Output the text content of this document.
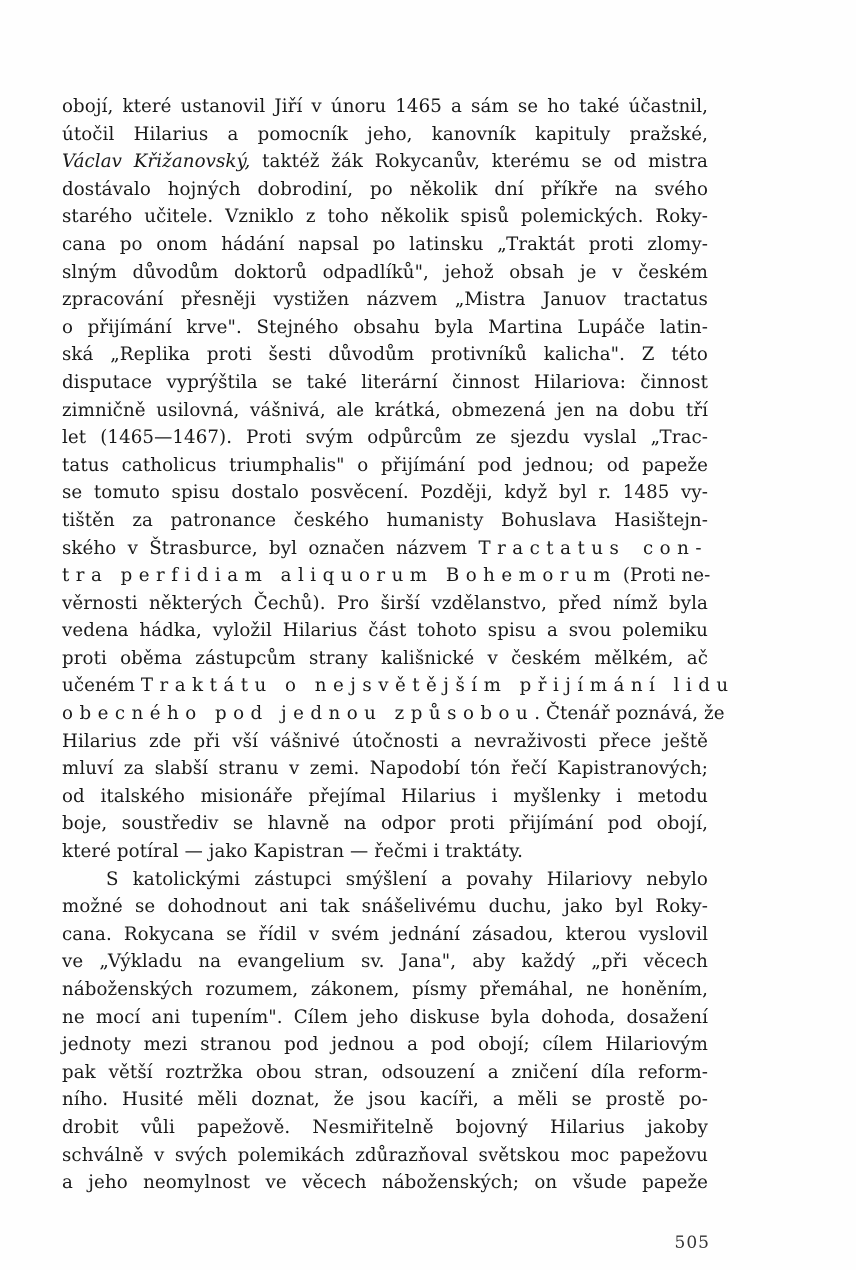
obojí, které ustanovil Jiří v únoru 1465 a sám se ho také účastnil,
útočil Hilarius a pomocník jeho, kanovník kapituly pražské,
Václav Křižanovský, taktéž žák Rokycanův, kterému se od mistra
dostávalo hojných dobrodiní, po několik dní příkře na svého
starého učitele. Vzniklo z toho několik spisů polemických. Roky-
cana po onom hádání napsal po latinsku „Traktát proti zlomy-
slným důvodům doktorů odpadlíků", jehož obsah je v českém
zpracování přesněji vystižen názvem „Mistra Januov tractatus
o přijímání krve". Stejného obsahu byla Martina Lupáče latin-
ská „Replika proti šesti důvodům protivníků kalicha". Z této
disputace vyprýštila se také literární činnost Hilariova: činnost
zimničně usilovná, vášnivá, ale krátká, obmezená jen na dobu tří
let (1465—1467). Proti svým odpůrcům ze sjezdu vyslal „Trac-
tatus catholicus triumphalis" o přijímání pod jednou; od papeže
se tomuto spisu dostalo posvěcení. Později, když byl r. 1485 vy-
tištěn za patronance českého humanisty Bohuslava Hasištejn-
ského v Štrasburce, byl označen názvem Tractatus con-
tra perfidiam aliquorum Bohemorum (Proti ne-
věrnosti některých Čechů). Pro širší vzdělanstvo, před nímž byla
vedena hádka, vyložil Hilarius část tohoto spisu a svou polemiku
proti oběma zástupcům strany kališnické v českém mělkém, ač
učeném Traktátu o nejsvětějším přijímání lidu
obecného pod jednou způsobou. Čtenář poznává, že
Hilarius zde při vší vášnivé útočnosti a nevraživosti přece ještě
mluví za slabší stranu v zemi. Napodobí tón řečí Kapistranových;
od italského misionáře přejímal Hilarius i myšlenky i metodu
boje, soustřediv se hlavně na odpor proti přijímání pod obojí,
které potíral — jako Kapistran — řečmi i traktáty.
S katolickými zástupci smýšlení a povahy Hilariovy nebylo
možné se dohodnout ani tak snášelivému duchu, jako byl Roky-
cana. Rokycana se řídil v svém jednání zásadou, kterou vyslovil
ve „Výkladu na evangelium sv. Jana", aby každý „při věcech
náboženských rozumem, zákonem, písmy přemáhal, ne honěním,
ne mocí ani tupením". Cílem jeho diskuse byla dohoda, dosažení
jednoty mezi stranou pod jednou a pod obojí; cílem Hilariovým
pak větší roztržka obou stran, odsouzení a zničení díla reform-
ního. Husité měli doznat, že jsou kacíři, a měli se prostě po-
drobit vůli papežově. Nesmiřitelně bojovný Hilarius jakoby
schválně v svých polemikách zdůrazňoval světskou moc papežovu
a jeho neomylnost ve věcech náboženských; on všude papeže
505
